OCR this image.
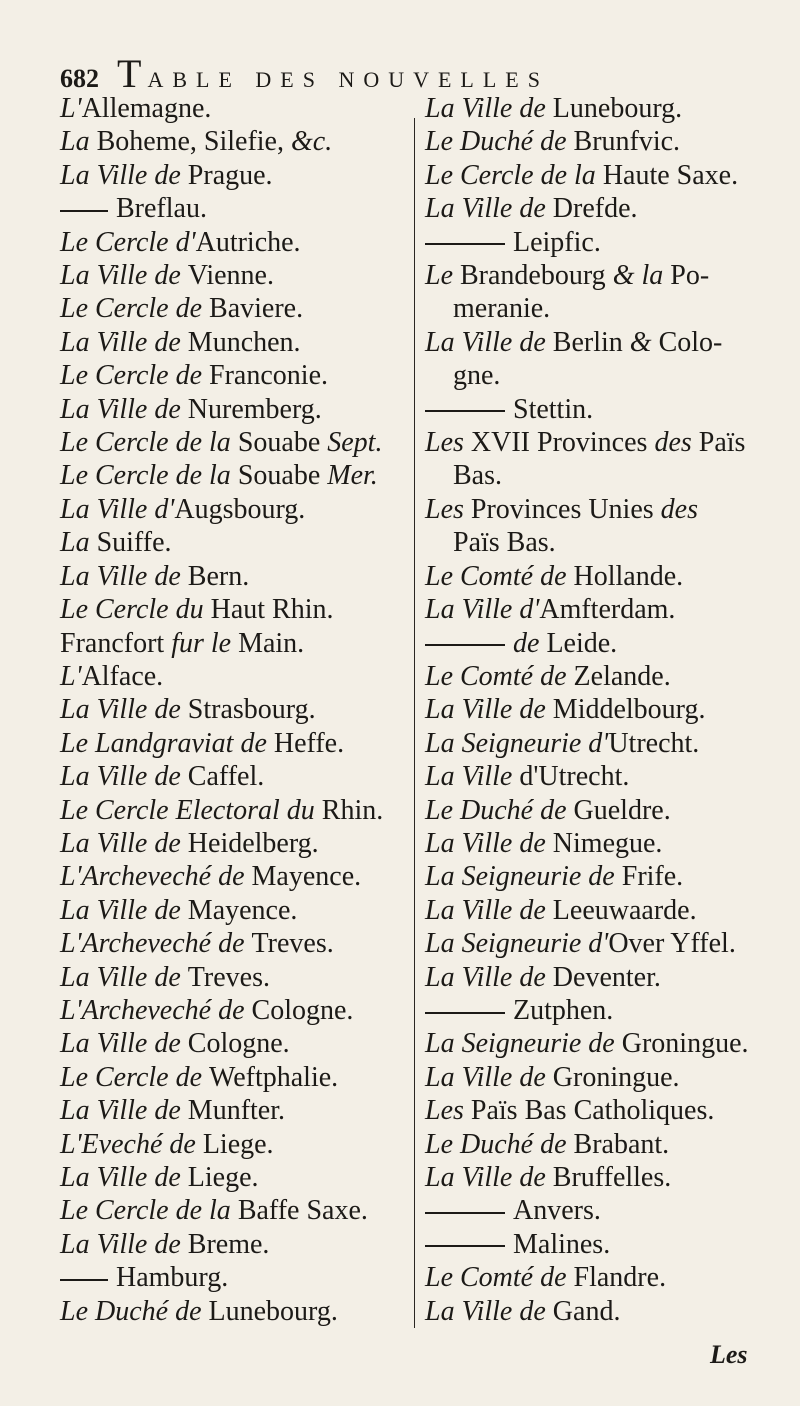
682 TABLE DES NOUVELLES
L'Allemagne.
La Boheme, Silefie, &c.
La Ville de Prague.
Breflau.
Le Cercle d'Autriche.
La Ville de Vienne.
Le Cercle de Baviere.
La Ville de Munchen.
Le Cercle de Franconie.
La Ville de Nuremberg.
Le Cercle de la Souabe Sept.
Le Cercle de la Souabe Mer.
La Ville d'Augsbourg.
La Suiffe.
La Ville de Bern.
Le Cercle du Haut Rhin.
Francfort fur le Main.
L'Alface.
La Ville de Strasbourg.
Le Landgraviat de Heffe.
La Ville de Caffel.
Le Cercle Electoral du Rhin.
La Ville de Heidelberg.
L'Archeveché de Mayence.
La Ville de Mayence.
L'Archeveché de Treves.
La Ville de Treves.
L'Archeveché de Cologne.
La Ville de Cologne.
Le Cercle de Weftphalie.
La Ville de Munfter.
L'Eveché de Liege.
La Ville de Liege.
Le Cercle de la Baffe Saxe.
La Ville de Breme.
Hamburg.
Le Duché de Lunebourg.
La Ville de Lunebourg.
Le Duché de Brunfvic.
Le Cercle de la Haute Saxe.
La Ville de Drefde.
Leipfic.
Le Brandebourg & la Po-
meranie.
La Ville de Berlin & Colo-
gne.
Stettin.
Les XVII Provinces des Païs
Bas.
Les Provinces Unies des
Païs Bas.
Le Comté de Hollande.
La Ville d'Amfterdam.
de Leide.
Le Comté de Zelande.
La Ville de Middelbourg.
La Seigneurie d'Utrecht.
La Ville d'Utrecht.
Le Duché de Gueldre.
La Ville de Nimegue.
La Seigneurie de Frife.
La Ville de Leeuwaarde.
La Seigneurie d'Over Yffel.
La Ville de Deventer.
Zutphen.
La Seigneurie de Groningue.
La Ville de Groningue.
Les Païs Bas Catholiques.
Le Duché de Brabant.
La Ville de Bruffelles.
Anvers.
Malines.
Le Comté de Flandre.
La Ville de Gand.
Les
